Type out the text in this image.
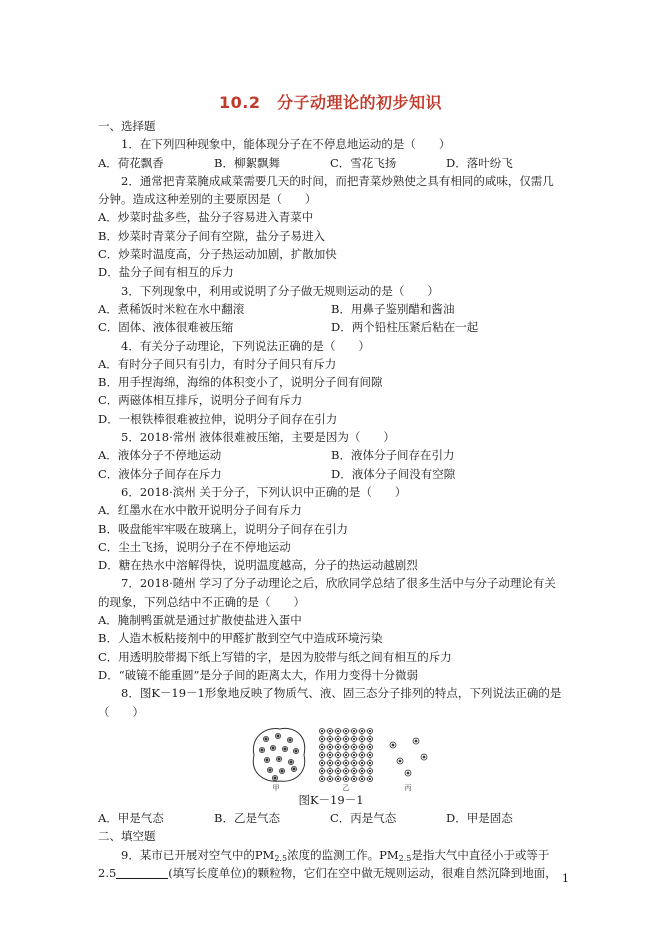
10.2　分子动理论的初步知识
一、选择题
1．在下列四种现象中，能体现分子在不停息地运动的是（　　）
A．荷花飘香	B．柳絮飘舞	C．雪花飞扬	D．落叶纷飞
2．通常把青菜腌成咸菜需要几天的时间，而把青菜炒熟使之具有相同的咸味，仅需几
分钟。造成这种差别的主要原因是（　　）
A．炒菜时盐多些，盐分子容易进入青菜中
B．炒菜时青菜分子间有空隙，盐分子易进入
C．炒菜时温度高，分子热运动加剧，扩散加快
D．盐分子间有相互的斥力
3．下列现象中，利用或说明了分子做无规则运动的是（　　）
A．煮稀饭时米粒在水中翻滚	B．用鼻子鉴别醋和酱油
C．固体、液体很难被压缩	D．两个铅柱压紧后粘在一起
4．有关分子动理论，下列说法正确的是（　　）
A．有时分子间只有引力，有时分子间只有斥力
B．用手捏海绵，海绵的体积变小了，说明分子间有间隙
C．两磁体相互排斥，说明分子间有斥力
D．一根铁棒很难被拉伸，说明分子间存在引力
5．2018·常州 液体很难被压缩，主要是因为（　　）
A．液体分子不停地运动	B．液体分子间存在引力
C．液体分子间存在斥力	D．液体分子间没有空隙
6．2018·滨州 关于分子，下列认识中正确的是（　　）
A．红墨水在水中散开说明分子间有斥力
B．吸盘能牢牢吸在玻璃上，说明分子间存在引力
C．尘土飞扬，说明分子在不停地运动
D．糖在热水中溶解得快，说明温度越高，分子的热运动越剧烈
7．2018·随州 学习了分子动理论之后，欣欣同学总结了很多生活中与分子动理论有关
的现象，下列总结中不正确的是（　　）
A．腌制鸭蛋就是通过扩散使盐进入蛋中
B．人造木板粘接剂中的甲醛扩散到空气中造成环境污染
C．用透明胶带揭下纸上写错的字，是因为胶带与纸之间有相互的斥力
D．“破镜不能重圆”是分子间的距离太大，作用力变得十分微弱
8．图K－19－1形象地反映了物质气、液、固三态分子排列的特点，下列说法正确的是
（　　）
甲	乙	丙
图K－19－1
A．甲是气态	B．乙是气态	C．丙是气态	D．甲是固态
二、填空题
9．某市已开展对空气中的$PM_{2.5}$浓度的监测工作。$PM_{2.5}$是指大气中直径小于或等于
2.5	(填写长度单位)的颗粒物，它们在空中做无规则运动，很难自然沉降到地面， 1
